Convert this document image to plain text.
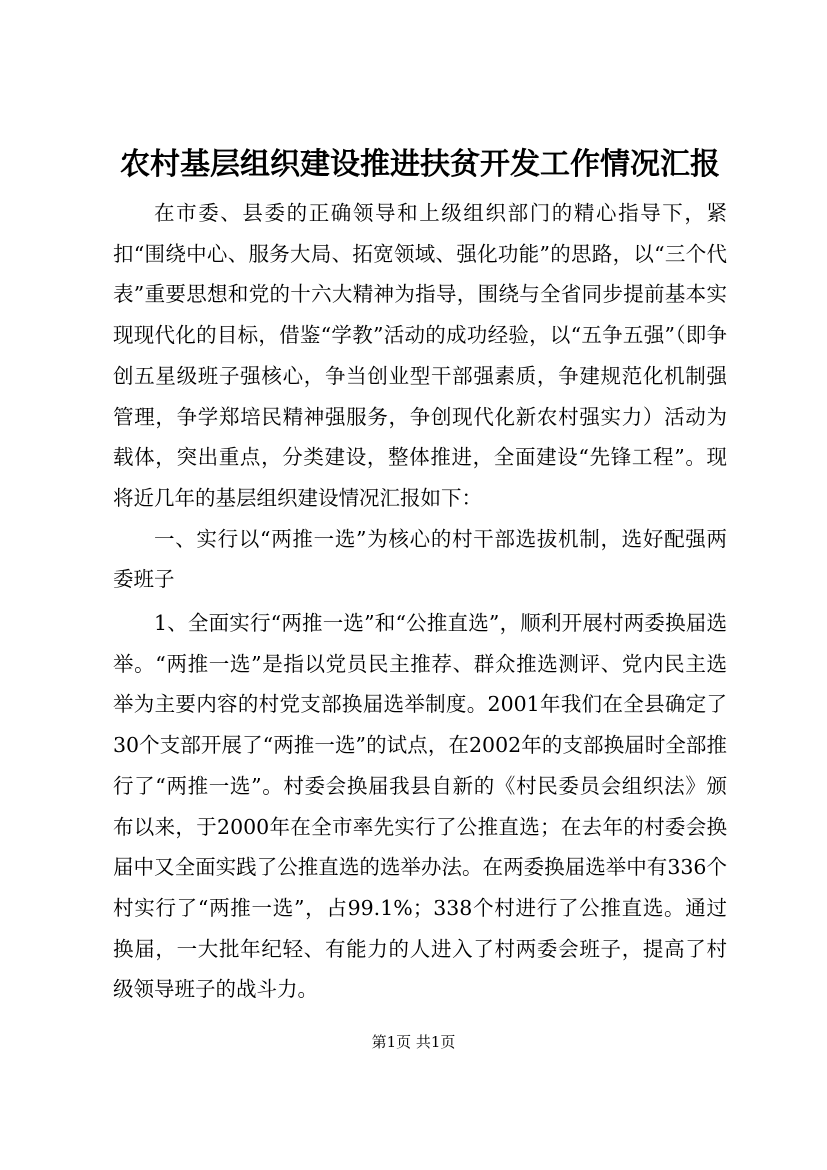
农村基层组织建设推进扶贫开发工作情况汇报

在市委、县委的正确领导和上级组织部门的精心指导下，紧扣“围绕中心、服务大局、拓宽领域、强化功能”的思路，以“三个代表”重要思想和党的十六大精神为指导，围绕与全省同步提前基本实现现代化的目标，借鉴“学教”活动的成功经验，以“五争五强”（即争创五星级班子强核心，争当创业型干部强素质，争建规范化机制强管理，争学郑培民精神强服务，争创现代化新农村强实力）活动为载体，突出重点，分类建设，整体推进，全面建设“先锋工程”。现将近几年的基层组织建设情况汇报如下：

一、实行以“两推一选”为核心的村干部选拔机制，选好配强两委班子

1、全面实行“两推一选”和“公推直选”，顺利开展村两委换届选举。“两推一选”是指以党员民主推荐、群众推选测评、党内民主选举为主要内容的村党支部换届选举制度。2001年我们在全县确定了30个支部开展了“两推一选”的试点，在2002年的支部换届时全部推行了“两推一选”。村委会换届我县自新的《村民委员会组织法》颁布以来，于2000年在全市率先实行了公推直选；在去年的村委会换届中又全面实践了公推直选的选举办法。在两委换届选举中有336个村实行了“两推一选”，占99.1%；338个村进行了公推直选。通过换届，一大批年纪轻、有能力的人进入了村两委会班子，提高了村级领导班子的战斗力。

第1页 共1页
